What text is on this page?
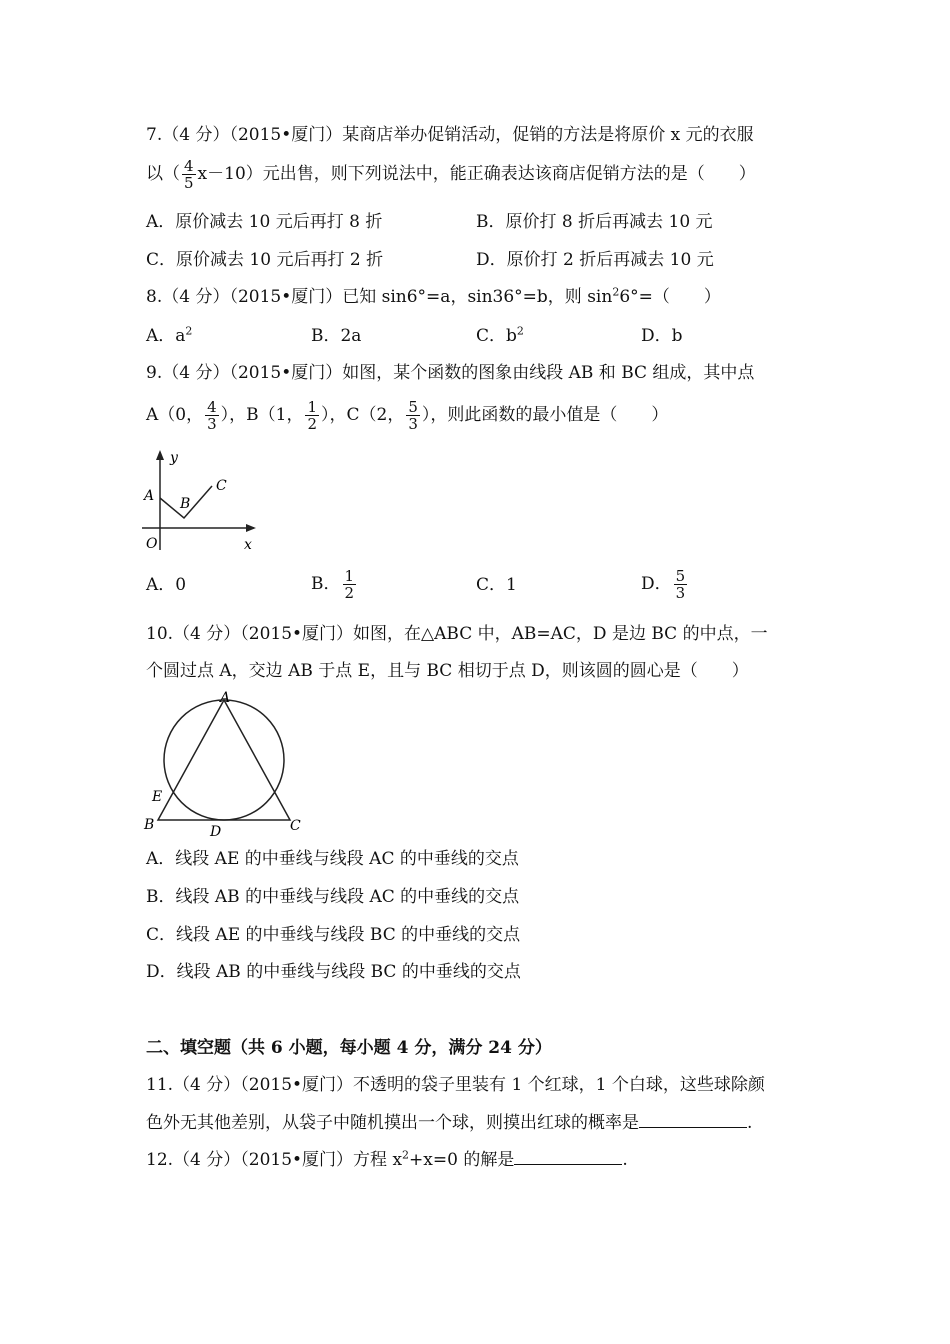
7.（4 分）（2015•厦门）某商店举办促销活动，促销的方法是将原价 x 元的衣服
以（ $\frac{4}{5} x-10$）元出售，则下列说法中，能正确表达该商店促销方法的是（　　）
A．原价减去 10 元后再打 8 折	B．原价打 8 折后再减去 10 元
C．原价减去 10 元后再打 2 折	D．原价打 2 折后再减去 10 元
8.（4 分）（2015•厦门）已知 sin6°=a，sin36°=b，则 $\sin^26^\circ=$（　　）
A．$a^2$	B．2a	C．$b^2$	D．b
9.（4 分）（2015•厦门）如图，某个函数的图象由线段 AB 和 BC 组成，其中点
A（0， $\frac{4}{3}$ ），B（1， $\frac{1}{2}$ ），C（2， $\frac{5}{3}$ ），则此函数的最小值是（　　）
y
x
O
A B
C
A．0	B． $\frac{1}{2}$	C．1	D． $\frac{5}{3}$
10.（4 分）（2015•厦门）如图，在△ABC 中，AB=AC，D 是边 BC 的中点，一
个圆过点 A，交边 AB 于点 E，且与 BC 相切于点 D，则该圆的圆心是（　　）
A
E
B	D	C
A．线段 AE 的中垂线与线段 AC 的中垂线的交点
B．线段 AB 的中垂线与线段 AC 的中垂线的交点
C．线段 AE 的中垂线与线段 BC 的中垂线的交点
D．线段 AB 的中垂线与线段 BC 的中垂线的交点
二、填空题（共 6 小题，每小题 4 分，满分 24 分）
11.（4 分）（2015•厦门）不透明的袋子里装有 1 个红球，1 个白球，这些球除颜
色外无其他差别，从袋子中随机摸出一个球，则摸出红球的概率是	.
12.（4 分）（2015•厦门）方程 $x^2+x=0$ 的解是	.
